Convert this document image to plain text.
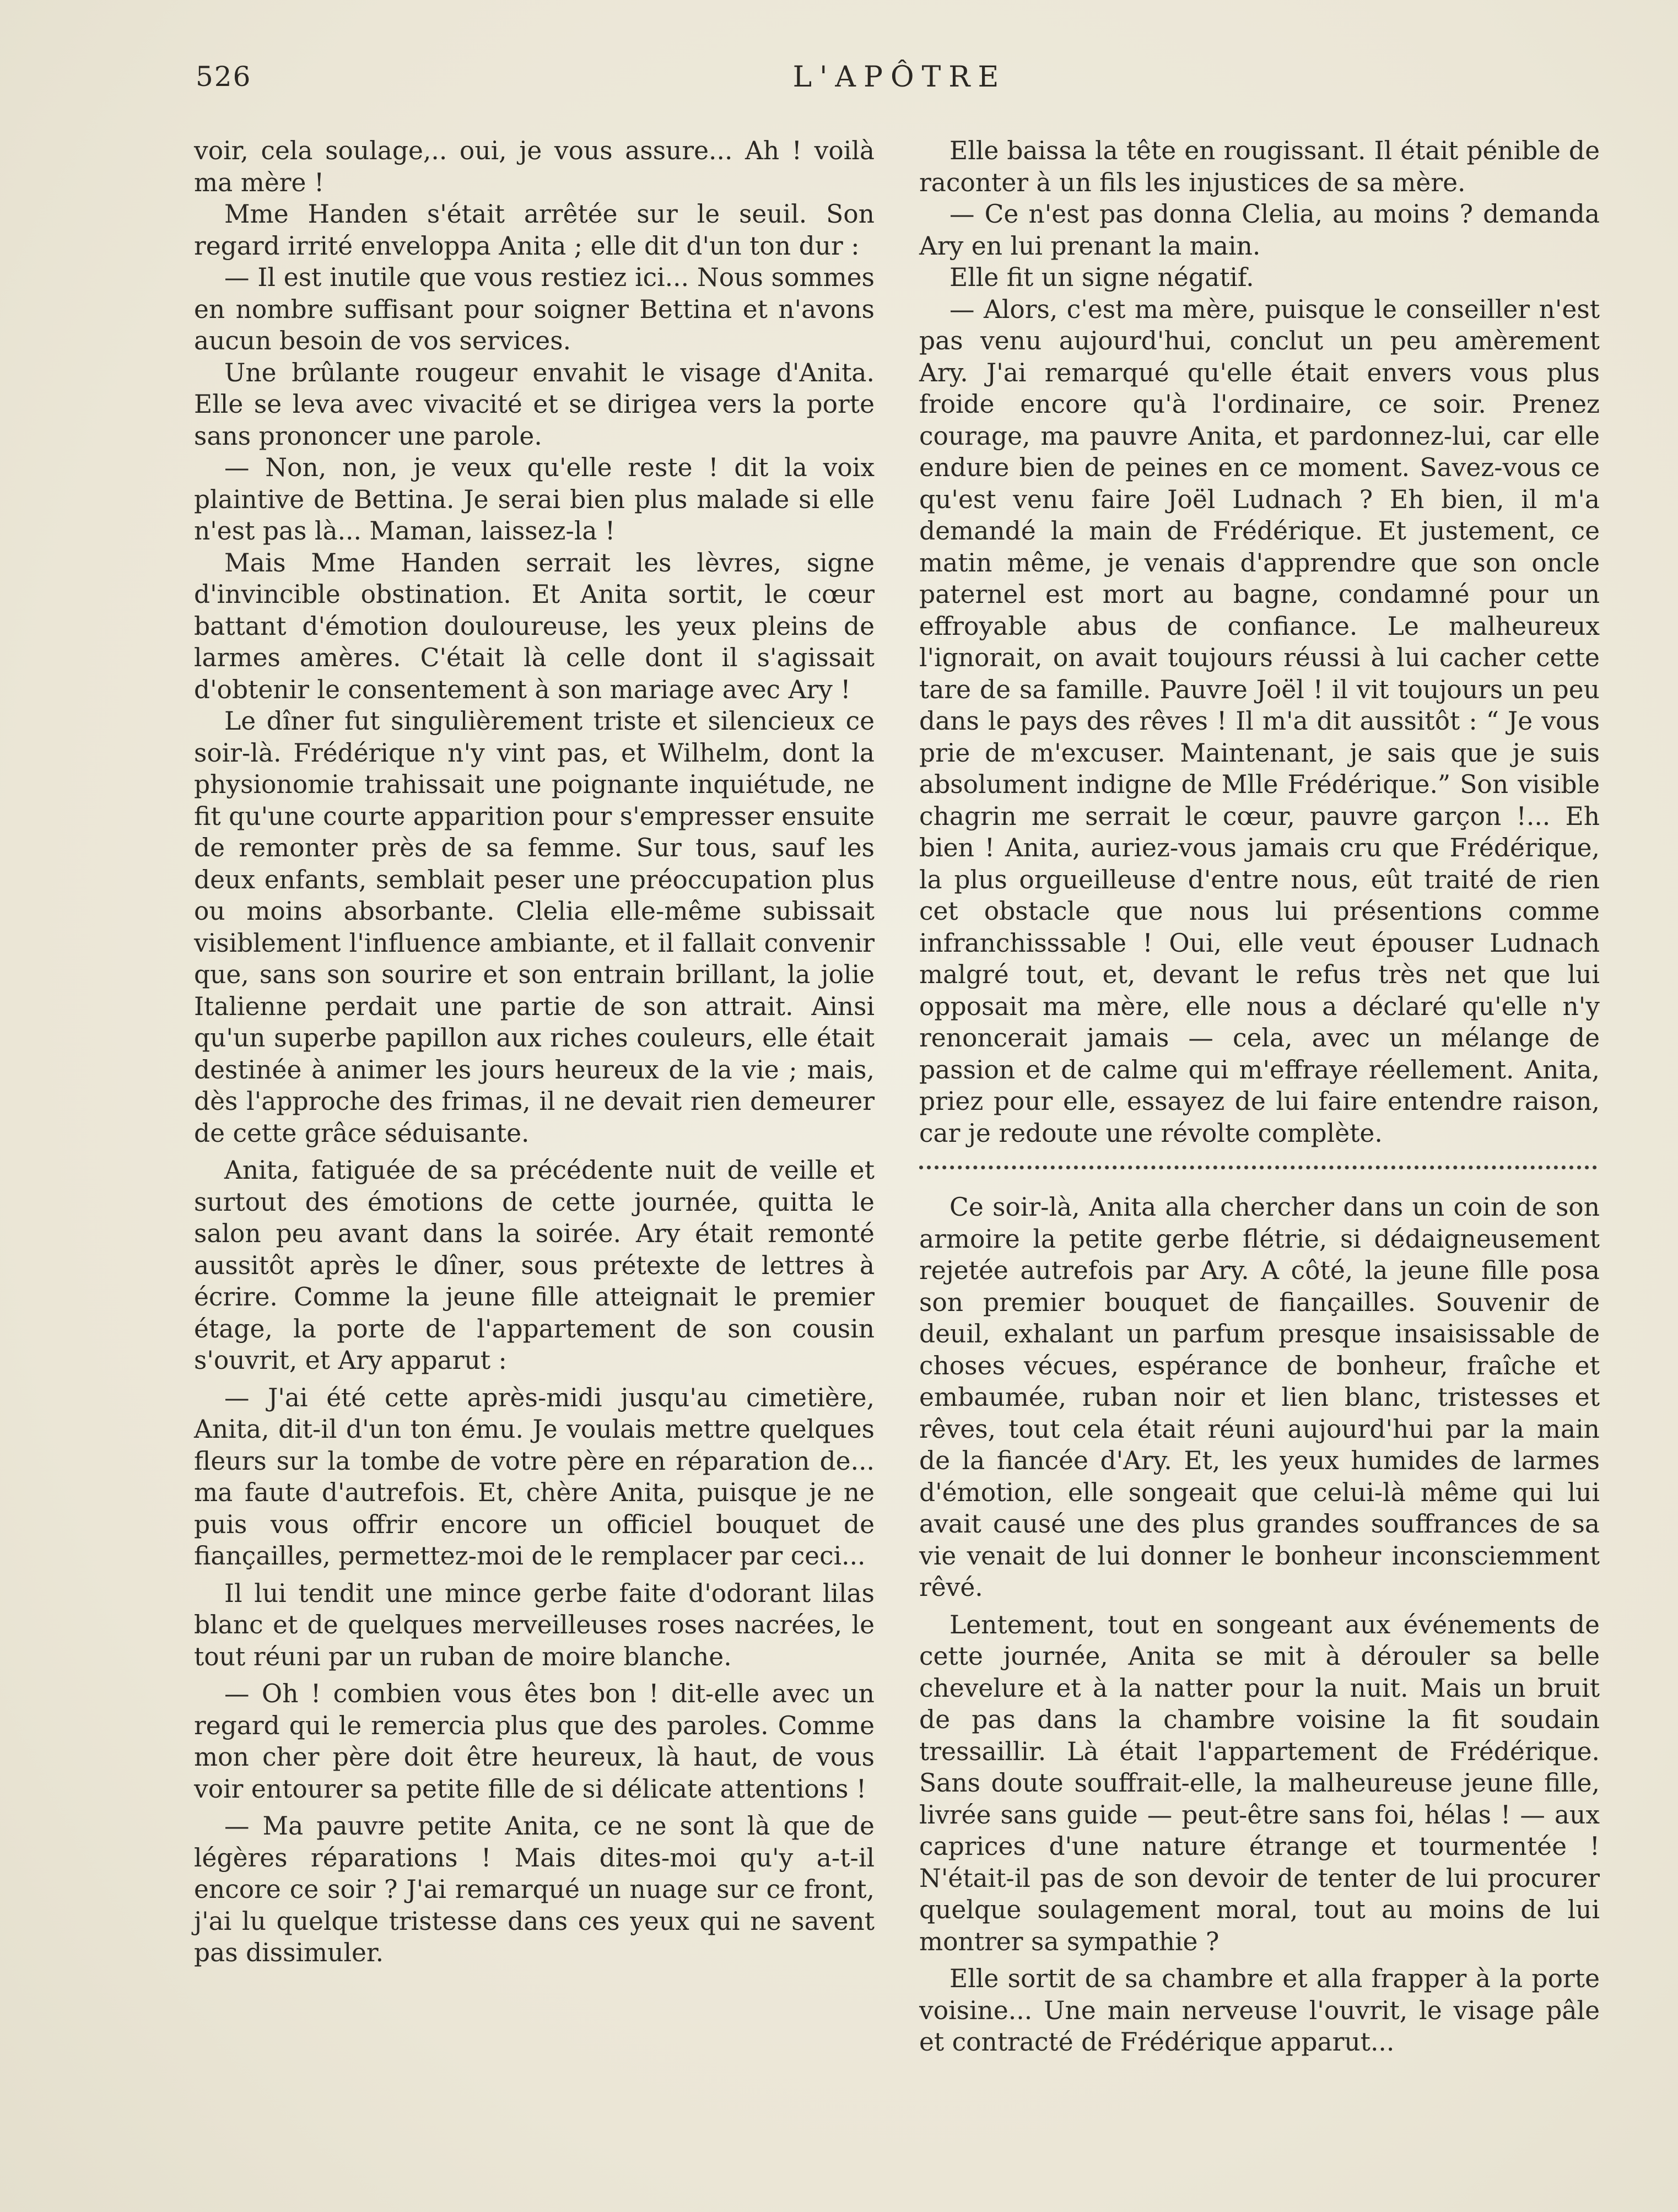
526	L'APÔTRE

voir, cela soulage,.. oui, je vous assure... Ah ! voilà ma mère !

Mme Handen s'était arrêtée sur le seuil. Son regard irrité enveloppa Anita ; elle dit d'un ton dur :

— Il est inutile que vous restiez ici... Nous sommes en nombre suffisant pour soigner Bettina et n'avons aucun besoin de vos services.

Une brûlante rougeur envahit le visage d'Anita. Elle se leva avec vivacité et se dirigea vers la porte sans prononcer une parole.

— Non, non, je veux qu'elle reste ! dit la voix plaintive de Bettina. Je serai bien plus malade si elle n'est pas là... Maman, laissez-la !

Mais Mme Handen serrait les lèvres, signe d'invincible obstination. Et Anita sortit, le cœur battant d'émotion douloureuse, les yeux pleins de larmes amères. C'était là celle dont il s'agissait d'obtenir le consentement à son mariage avec Ary !

Le dîner fut singulièrement triste et silencieux ce soir-là. Frédérique n'y vint pas, et Wilhelm, dont la physionomie trahissait une poignante inquiétude, ne fit qu'une courte apparition pour s'empresser ensuite de remonter près de sa femme. Sur tous, sauf les deux enfants, semblait peser une préoccupation plus ou moins absorbante. Clelia elle-même subissait visiblement l'influence ambiante, et il fallait convenir que, sans son sourire et son entrain brillant, la jolie Italienne perdait une partie de son attrait. Ainsi qu'un superbe papillon aux riches couleurs, elle était destinée à animer les jours heureux de la vie ; mais, dès l'approche des frimas, il ne devait rien demeurer de cette grâce séduisante.

Anita, fatiguée de sa précédente nuit de veille et surtout des émotions de cette journée, quitta le salon peu avant dans la soirée. Ary était remonté aussitôt après le dîner, sous prétexte de lettres à écrire. Comme la jeune fille atteignait le premier étage, la porte de l'appartement de son cousin s'ouvrit, et Ary apparut :

— J'ai été cette après-midi jusqu'au cimetière, Anita, dit-il d'un ton ému. Je voulais mettre quelques fleurs sur la tombe de votre père en réparation de... ma faute d'autrefois. Et, chère Anita, puisque je ne puis vous offrir encore un officiel bouquet de fiançailles, permettez-moi de le remplacer par ceci...

Il lui tendit une mince gerbe faite d'odorant lilas blanc et de quelques merveilleuses roses nacrées, le tout réuni par un ruban de moire blanche.

— Oh ! combien vous êtes bon ! dit-elle avec un regard qui le remercia plus que des paroles. Comme mon cher père doit être heureux, là haut, de vous voir entourer sa petite fille de si délicate attentions !

— Ma pauvre petite Anita, ce ne sont là que de légères réparations ! Mais dites-moi qu'y a-t-il encore ce soir ? J'ai remarqué un nuage sur ce front, j'ai lu quelque tristesse dans ces yeux qui ne savent pas dissimuler.

Elle baissa la tête en rougissant. Il était pénible de raconter à un fils les injustices de sa mère.

— Ce n'est pas donna Clelia, au moins ? demanda Ary en lui prenant la main.

Elle fit un signe négatif.

— Alors, c'est ma mère, puisque le conseiller n'est pas venu aujourd'hui, conclut un peu amèrement Ary. J'ai remarqué qu'elle était envers vous plus froide encore qu'à l'ordinaire, ce soir. Prenez courage, ma pauvre Anita, et pardonnez-lui, car elle endure bien de peines en ce moment. Savez-vous ce qu'est venu faire Joël Ludnach ? Eh bien, il m'a demandé la main de Frédérique. Et justement, ce matin même, je venais d'apprendre que son oncle paternel est mort au bagne, condamné pour un effroyable abus de confiance. Le malheureux l'ignorait, on avait toujours réussi à lui cacher cette tare de sa famille. Pauvre Joël ! il vit toujours un peu dans le pays des rêves ! Il m'a dit aussitôt : “ Je vous prie de m'excuser. Maintenant, je sais que je suis absolument indigne de Mlle Frédérique.” Son visible chagrin me serrait le cœur, pauvre garçon !... Eh bien ! Anita, auriez-vous jamais cru que Frédérique, la plus orgueilleuse d'entre nous, eût traité de rien cet obstacle que nous lui présentions comme infranchisssable ! Oui, elle veut épouser Ludnach malgré tout, et, devant le refus très net que lui opposait ma mère, elle nous a déclaré qu'elle n'y renoncerait jamais — cela, avec un mélange de passion et de calme qui m'effraye réellement. Anita, priez pour elle, essayez de lui faire entendre raison, car je redoute une révolte complète.

Ce soir-là, Anita alla chercher dans un coin de son armoire la petite gerbe flétrie, si dédaigneusement rejetée autrefois par Ary. A côté, la jeune fille posa son premier bouquet de fiançailles. Souvenir de deuil, exhalant un parfum presque insaisissable de choses vécues, espérance de bonheur, fraîche et embaumée, ruban noir et lien blanc, tristesses et rêves, tout cela était réuni aujourd'hui par la main de la fiancée d'Ary. Et, les yeux humides de larmes d'émotion, elle songeait que celui-là même qui lui avait causé une des plus grandes souffrances de sa vie venait de lui donner le bonheur inconsciemment rêvé.

Lentement, tout en songeant aux événements de cette journée, Anita se mit à dérouler sa belle chevelure et à la natter pour la nuit. Mais un bruit de pas dans la chambre voisine la fit soudain tressaillir. Là était l'appartement de Frédérique. Sans doute souffrait-elle, la malheureuse jeune fille, livrée sans guide — peut-être sans foi, hélas ! — aux caprices d'une nature étrange et tourmentée ! N'était-il pas de son devoir de tenter de lui procurer quelque soulagement moral, tout au moins de lui montrer sa sympathie ?

Elle sortit de sa chambre et alla frapper à la porte voisine... Une main nerveuse l'ouvrit, le visage pâle et contracté de Frédérique apparut...
